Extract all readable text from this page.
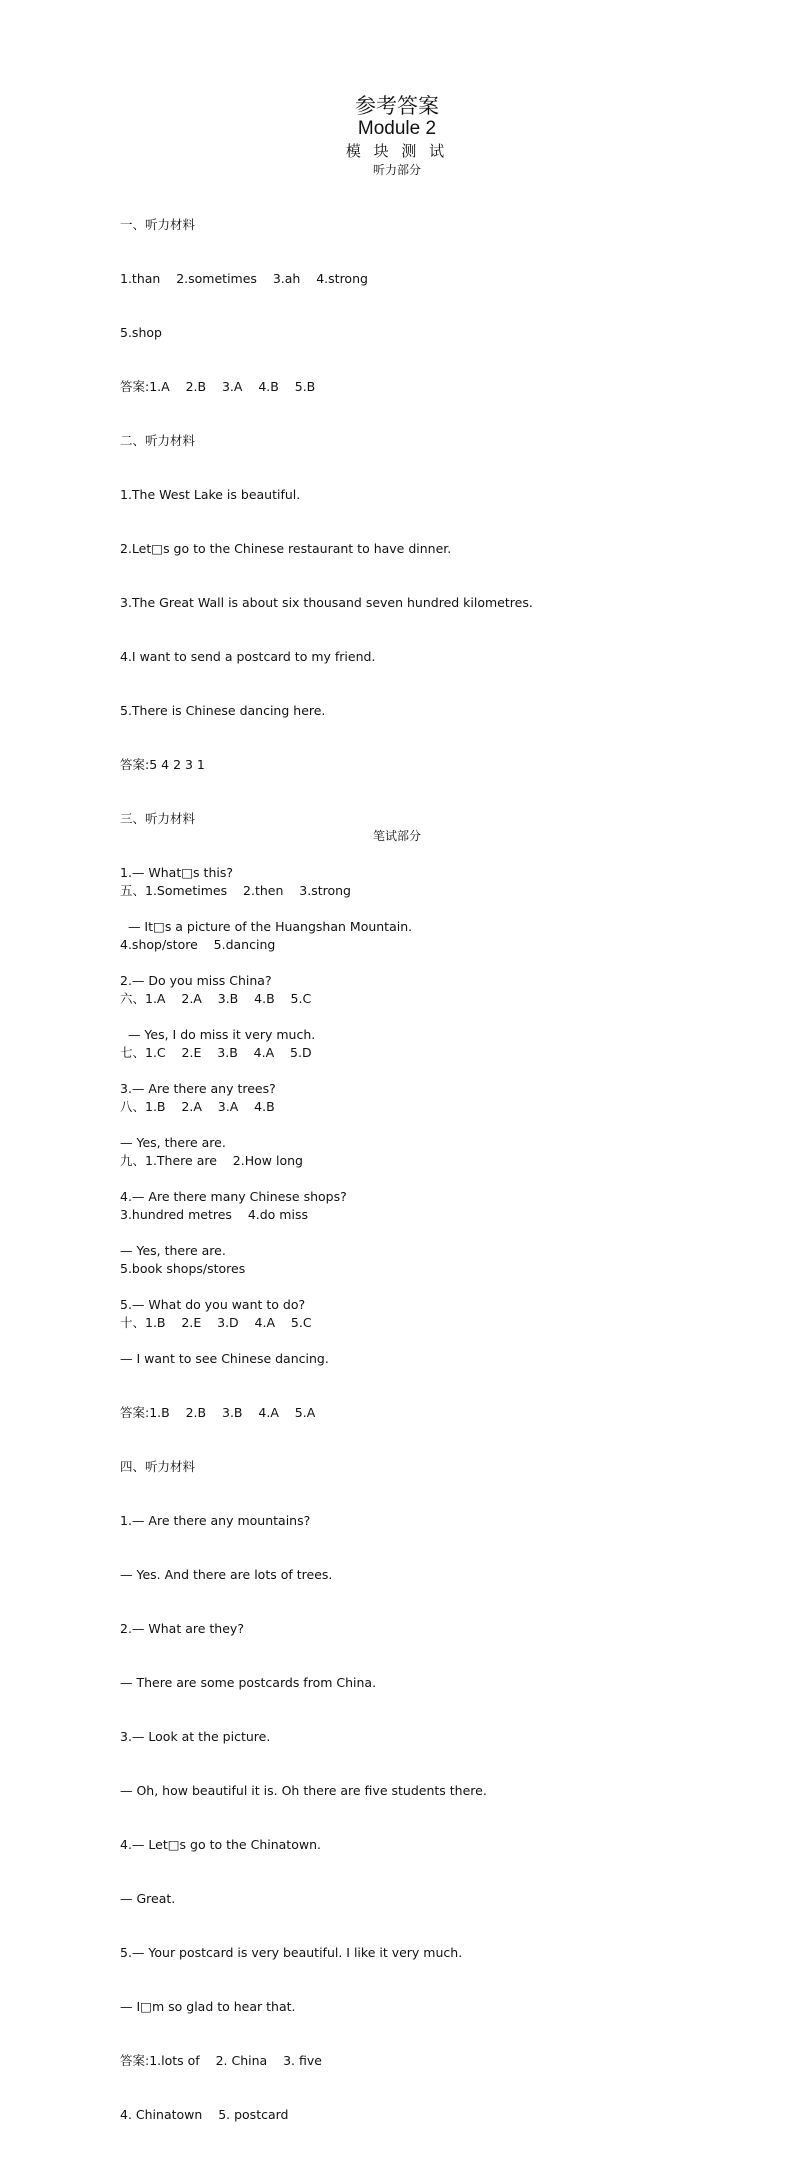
参考答案
Module 2
模 块 测 试
听力部分

一、听力材料

1.than    2.sometimes    3.ah    4.strong

5.shop

答案:1.A    2.B    3.A    4.B    5.B

二、听力材料

1.The West Lake is beautiful.

2.Let□s go to the Chinese restaurant to have dinner.

3.The Great Wall is about six thousand seven hundred kilometres.

4.I want to send a postcard to my friend.

5.There is Chinese dancing here.

答案:5 4 2 3 1

三、听力材料

1.— What□s this?

— It□s a picture of the Huangshan Mountain.

2.— Do you miss China?

— Yes, I do miss it very much.

3.— Are there any trees?

— Yes, there are.

4.— Are there many Chinese shops?

— Yes, there are.

5.— What do you want to do?

— I want to see Chinese dancing.

答案:1.B    2.B    3.B    4.A    5.A

四、听力材料

1.— Are there any mountains?

— Yes. And there are lots of trees.

2.— What are they?

— There are some postcards from China.

3.— Look at the picture.

— Oh, how beautiful it is. Oh there are five students there.

4.— Let□s go to the Chinatown.

— Great.

5.— Your postcard is very beautiful. I like it very much.

— I□m so glad to hear that.

答案:1.lots of    2. China    3. five

4. Chinatown    5. postcard

笔试部分

五、1.Sometimes    2.then    3.strong

4.shop/store    5.dancing

六、1.A    2.A    3.B    4.B    5.C

七、1.C    2.E    3.B    4.A    5.D

八、1.B    2.A    3.A    4.B

九、1.There are    2.How long

3.hundred metres    4.do miss

5.book shops/stores

十、1.B    2.E    3.D    4.A    5.C
